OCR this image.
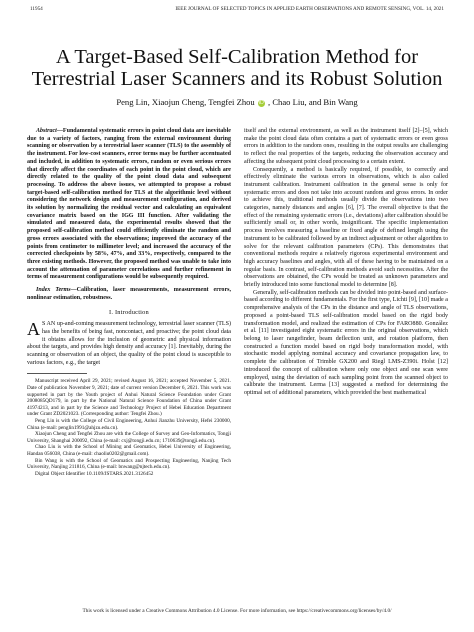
11954	IEEE JOURNAL OF SELECTED TOPICS IN APPLIED EARTH OBSERVATIONS AND REMOTE SENSING, VOL. 14, 2021
A Target-Based Self-Calibration Method for
Terrestrial Laser Scanners and its Robust Solution
Peng Lin, Xiaojun Cheng, Tengfei Zhou iD , Chao Liu, and Bin Wang

Abstract—Fundamental systematic errors in point cloud data are inevitable due to a variety of factors, ranging from the external environment during scanning or observation by a terrestrial laser scanner (TLS) to the assembly of the instrument. For low-cost scanners, error terms may be further accentuated and included, in addition to systematic errors, random or even serious errors that directly affect the coordinates of each point in the point cloud, which are directly related to the quality of the point cloud data and subsequent processing. To address the above issues, we attempted to propose a robust target-based self-calibration method for TLS at the algorithmic level without considering the network design and measurement configuration, and derived its solution by normalizing the residual vector and calculating an equivalent covariance matrix based on the IGG III function. After validating the simulated and measured data, the experimental results showed that the proposed self-calibration method could efficiently eliminate the random and gross errors associated with the observations; improved the accuracy of the points from centimeter to millimeter level; and increased the accuracy of the corrected checkpoints by 58%, 47%, and 33%, respectively, compared to the three existing methods. However, the proposed method was unable to take into account the attenuation of parameter correlations and further refinement in terms of measurement configurations would be subsequently required.

Index Terms—Calibration, laser measurements, measurement errors, nonlinear estimation, robustness.

I. Introduction

A S AN up-and-coming measurement technology, terrestrial laser scanner (TLS) has the benefits of being fast, noncontact, and proactive; the point cloud data it obtains allows for the inclusion of geometric and physical information about the targets, and provides high density and accuracy [1]. Inevitably, during the scanning or observation of an object, the quality of the point cloud is susceptible to various factors, e.g., the target

Manuscript received April 29, 2021; revised August 16, 2021; accepted November 5, 2021. Date of publication November 9, 2021; date of current version December 6, 2021. This work was supported in part by the Youth project of Anhui Natural Science Foundation under Grant 2008085QD179, in part by the National Natural Science Foundation of China under Grant 41974213, and in part by the Science and Technology Project of Hebei Education Department under Grant ZD2021023. (Corresponding author: Tengfei Zhou.)

Peng Lin is with the College of Civil Engineering, Anhui Jianzhu University, Hefei 230000, China (e-mail: penglin1991@ahjzu.edu.cn).

Xiaojun Cheng and Tengfei Zhou are with the College of Survey and Geo-Informatics, Tongji University, Shanghai 200092, China (e-mail: cxj@tongji.edu.cn; 1710639@tongji.edu.cn).

Chao Liu is with the School of Mining and Geomatics, Hebei University of Engineering, Handan 056038, China (e-mail: chaoliu0202@gmail.com).

Bin Wang is with the School of Geomatics and Prospecting Engineering, Nanjing Tech University, Nanjing 211816, China (e-mail: bnwang@njtech.edu.cn).

Digital Object Identifier 10.1109/JSTARS.2021.3126452

itself and the external environment, as well as the instrument itself [2]–[5], which make the point cloud data often contains a part of systematic errors or even gross errors in addition to the random ones, resulting in the output results are challenging to reflect the real properties of the targets, reducing the observation accuracy and affecting the subsequent point cloud processing to a certain extent.

Consequently, a method is basically required, if possible, to correctly and effectively eliminate the various errors in observations, which is also called instrument calibration. Instrument calibration in the general sense is only for systematic errors and does not take into account random and gross errors. In order to achieve this, traditional methods usually divide the observations into two categories, namely distances and angles [6], [7]. The overall objective is that the effect of the remaining systematic errors (i.e., deviations) after calibration should be sufficiently small or, in other words, insignificant. The specific implementation process involves measuring a baseline or fixed angle of defined length using the instrument to be calibrated followed by an indirect adjustment or other algorithm to solve for the relevant calibration parameters (CPs). This demonstrates that conventional methods require a relatively rigorous experimental environment and high accuracy baselines and angles, with all of these having to be maintained on a regular basis. In contrast, self-calibration methods avoid such necessities. After the observations are obtained, the CPs would be treated as unknown parameters and briefly introduced into some functional model to determine [8].

Generally, self-calibration methods can be divided into point-based and surface-based according to different fundamentals. For the first type, Lichti [9], [10] made a comprehensive analysis of the CPs in the distance and angle of TLS observations, proposed a point-based TLS self-calibration model based on the rigid body transformation model, and realized the estimation of CPs for FARO880. González et al. [11] investigated eight systematic errors in the original observations, which belong to laser rangefinder, beam deflection unit, and rotation platform, then constructed a function model based on rigid body transformation model, with stochastic model applying nominal accuracy and covariance propagation law, to complete the calibration of Trimble GX200 and Riegl LMS-Z390i. Holst [12] introduced the concept of calibration where only one object and one scan were employed, using the deviation of each sampling point from the scanned object to calibrate the instrument. Lerma [13] suggested a method for determining the optimal set of additional parameters, which provided the best mathematical

This work is licensed under a Creative Commons Attribution 4.0 License. For more information, see https://creativecommons.org/licenses/by/4.0/
